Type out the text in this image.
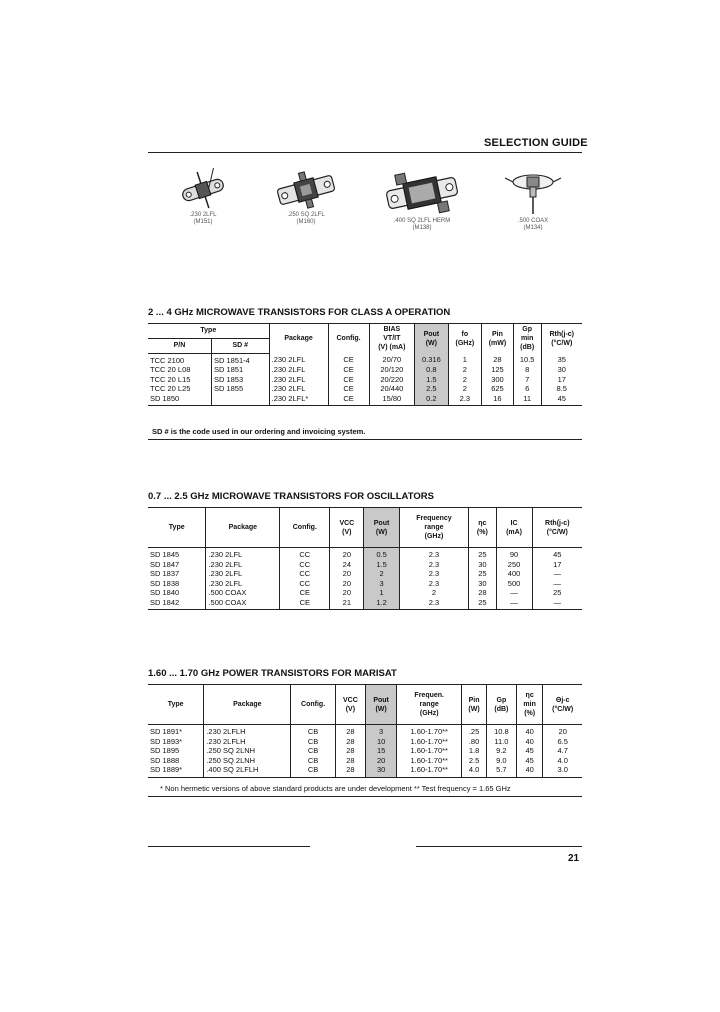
SELECTION GUIDE
.230 2LFL
(M151)
.250 SQ 2LFL
(M160)	.400 SQ 2LFL HERM
(M138)
.500 COAX
(M134)
2 ... 4 GHz MICROWAVE TRANSISTORS FOR CLASS A OPERATION
Type		Package	Config.	BIAS
VT/IT
(V) (mA)	Pout
(W)	fo
(GHz)	Pin
(mW)	Gp
min
(dB)	Rth(j-c)
(°C/W)
P/N	SD #								
TCC 2100	SD 1851-4	.230 2LFL	CE	20/70	0.316	1	28	10.5	35
TCC 20 L08	SD 1851	.230 2LFL	CE	20/120	0.8	2	125	8	30
TCC 20 L15	SD 1853	.230 2LFL	CE	20/220	1.5	2	300	7	17
TCC 20 L25	SD 1855	.230 2LFL	CE	20/440	2.5	2	625	6	8.5
SD 1850		.230 2LFL*	CE	15/80	0.2	2.3	16	11	45
SD # is the code used in our ordering and invoicing system.
0.7 ... 2.5 GHz MICROWAVE TRANSISTORS FOR OSCILLATORS
Type	Package	Config.	VCC
(V)	Pout
(W)	Frequency
range
(GHz)	ηc
(%)	IC
(mA)	Rth(j-c)
(°C/W)
SD 1845	.230 2LFL	CC	20	0.5	2.3	25	90	45
SD 1847	.230 2LFL	CC	24	1.5	2.3	30	250	17
SD 1837	.230 2LFL	CC	20	2	2.3	25	400	—
SD 1838	.230 2LFL	CC	20	3	2.3	30	500	—
SD 1840	.500 COAX	CE	20	1	2	28	—	25
SD 1842	.500 COAX	CE	21	1.2	2.3	25	—	—
1.60 ... 1.70 GHz POWER TRANSISTORS FOR MARISAT
Type	Package	Config.	VCC
(V)	Pout
(W)	Frequen.
range
(GHz)	Pin
(W)	Gp
(dB)	ηc
min
(%)	Θj-c
(°C/W)
SD 1891*	.230 2LFLH	CB	28	3	1.60-1.70**	.25	10.8	40	20
SD 1893*	.230 2LFLH	CB	28	10	1.60-1.70**	.80	11.0	40	6.5
SD 1895	.250 SQ 2LNH	CB	28	15	1.60-1.70**	1.8	9.2	45	4.7
SD 1888	.250 SQ 2LNH	CB	28	20	1.60-1.70**	2.5	9.0	45	4.0
SD 1889*	.400 SQ 2LFLH	CB	28	30	1.60-1.70**	4.0	5.7	40	3.0
* Non hermetic versions of above standard products are under development ** Test frequency = 1.65 GHz
21
